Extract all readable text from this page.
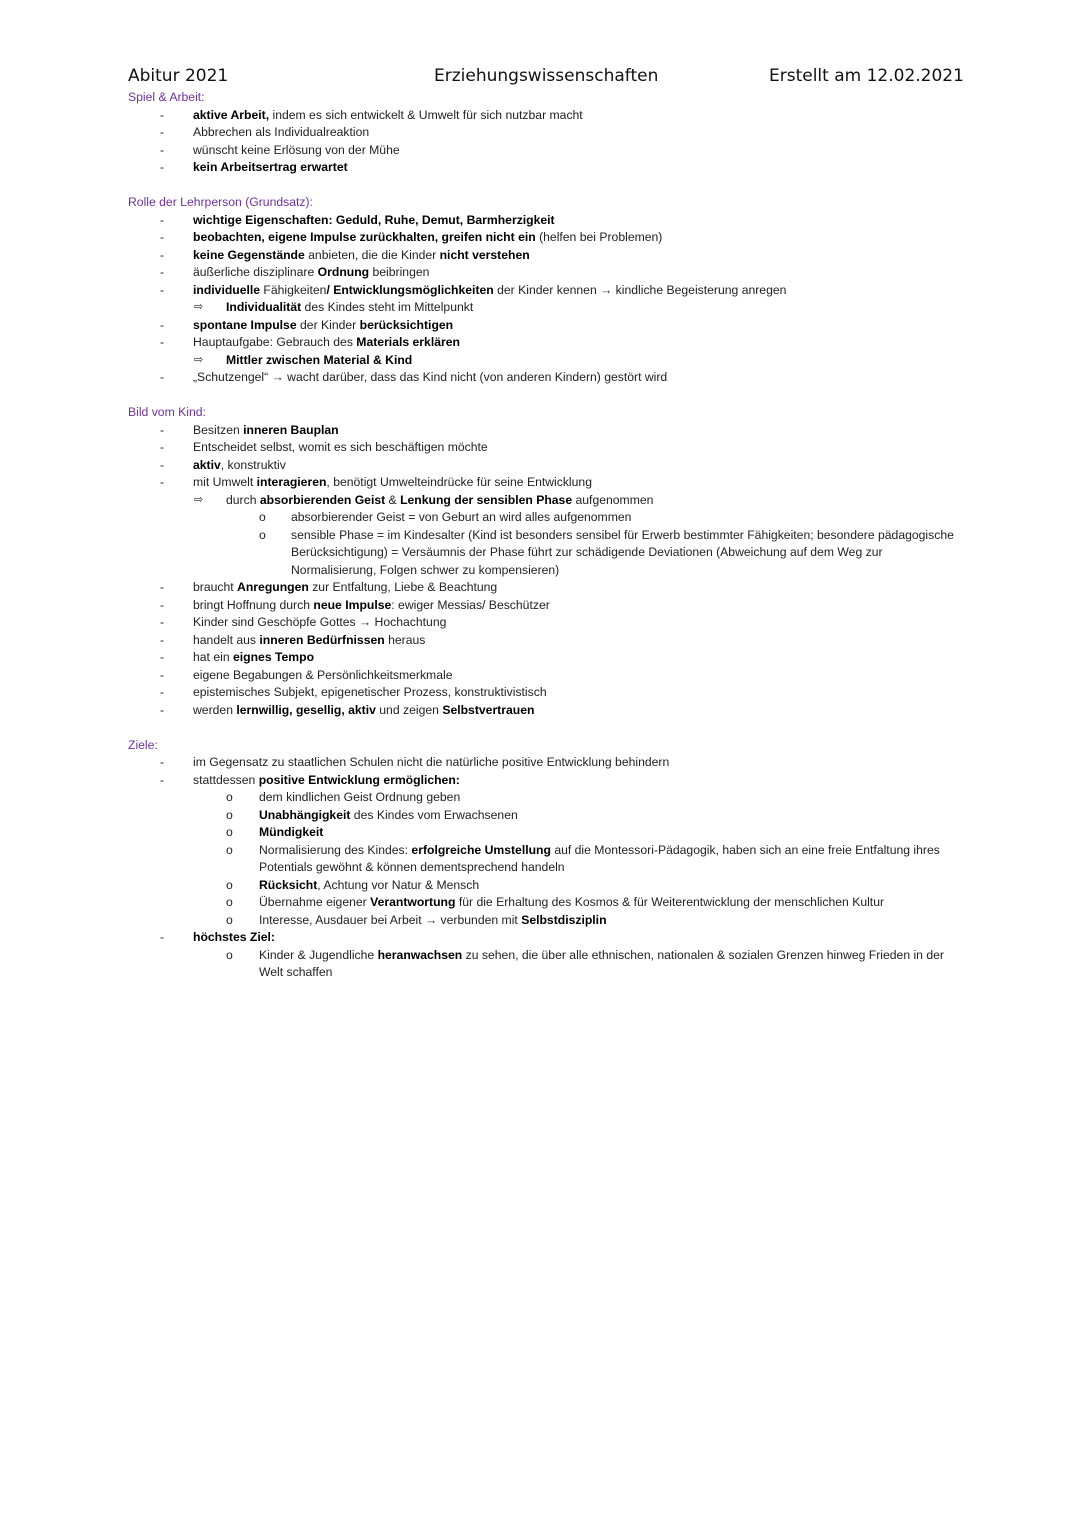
Abitur 2021	Erziehungswissenschaften	Erstellt am 12.02.2021
Spiel & Arbeit:
- aktive Arbeit, indem es sich entwickelt & Umwelt für sich nutzbar macht
- Abbrechen als Individualreaktion
- wünscht keine Erlösung von der Mühe
- kein Arbeitsertrag erwartet
Rolle der Lehrperson (Grundsatz):
- wichtige Eigenschaften: Geduld, Ruhe, Demut, Barmherzigkeit
- beobachten, eigene Impulse zurückhalten, greifen nicht ein (helfen bei Problemen)
- keine Gegenstände anbieten, die die Kinder nicht verstehen
- äußerliche disziplinare Ordnung beibringen
- individuelle Fähigkeiten/ Entwicklungsmöglichkeiten der Kinder kennen → kindliche Begeisterung anregen
⇨ Individualität des Kindes steht im Mittelpunkt
- spontane Impulse der Kinder berücksichtigen
- Hauptaufgabe: Gebrauch des Materials erklären
⇨ Mittler zwischen Material & Kind
- „Schutzengel“ → wacht darüber, dass das Kind nicht (von anderen Kindern) gestört wird
Bild vom Kind:
- Besitzen inneren Bauplan
- Entscheidet selbst, womit es sich beschäftigen möchte
- aktiv, konstruktiv
- mit Umwelt interagieren, benötigt Umwelteindrücke für seine Entwicklung
⇨ durch absorbierenden Geist & Lenkung der sensiblen Phase aufgenommen
o absorbierender Geist = von Geburt an wird alles aufgenommen
o sensible Phase = im Kindesalter (Kind ist besonders sensibel für Erwerb bestimmter Fähigkeiten; besondere pädagogische Berücksichtigung) = Versäumnis der Phase führt zur schädigende Deviationen (Abweichung auf dem Weg zur Normalisierung, Folgen schwer zu kompensieren)
- braucht Anregungen zur Entfaltung, Liebe & Beachtung
- bringt Hoffnung durch neue Impulse: ewiger Messias/ Beschützer
- Kinder sind Geschöpfe Gottes → Hochachtung
- handelt aus inneren Bedürfnissen heraus
- hat ein eignes Tempo
- eigene Begabungen & Persönlichkeitsmerkmale
- epistemisches Subjekt, epigenetischer Prozess, konstruktivistisch
- werden lernwillig, gesellig, aktiv und zeigen Selbstvertrauen
Ziele:
- im Gegensatz zu staatlichen Schulen nicht die natürliche positive Entwicklung behindern
- stattdessen positive Entwicklung ermöglichen:
o dem kindlichen Geist Ordnung geben
o Unabhängigkeit des Kindes vom Erwachsenen
o Mündigkeit
o Normalisierung des Kindes: erfolgreiche Umstellung auf die Montessori-Pädagogik, haben sich an eine freie Entfaltung ihres Potentials gewöhnt & können dementsprechend handeln
o Rücksicht, Achtung vor Natur & Mensch
o Übernahme eigener Verantwortung für die Erhaltung des Kosmos & für Weiterentwicklung der menschlichen Kultur
o Interesse, Ausdauer bei Arbeit → verbunden mit Selbstdisziplin
- höchstes Ziel:
o Kinder & Jugendliche heranwachsen zu sehen, die über alle ethnischen, nationalen & sozialen Grenzen hinweg Frieden in der Welt schaffen
